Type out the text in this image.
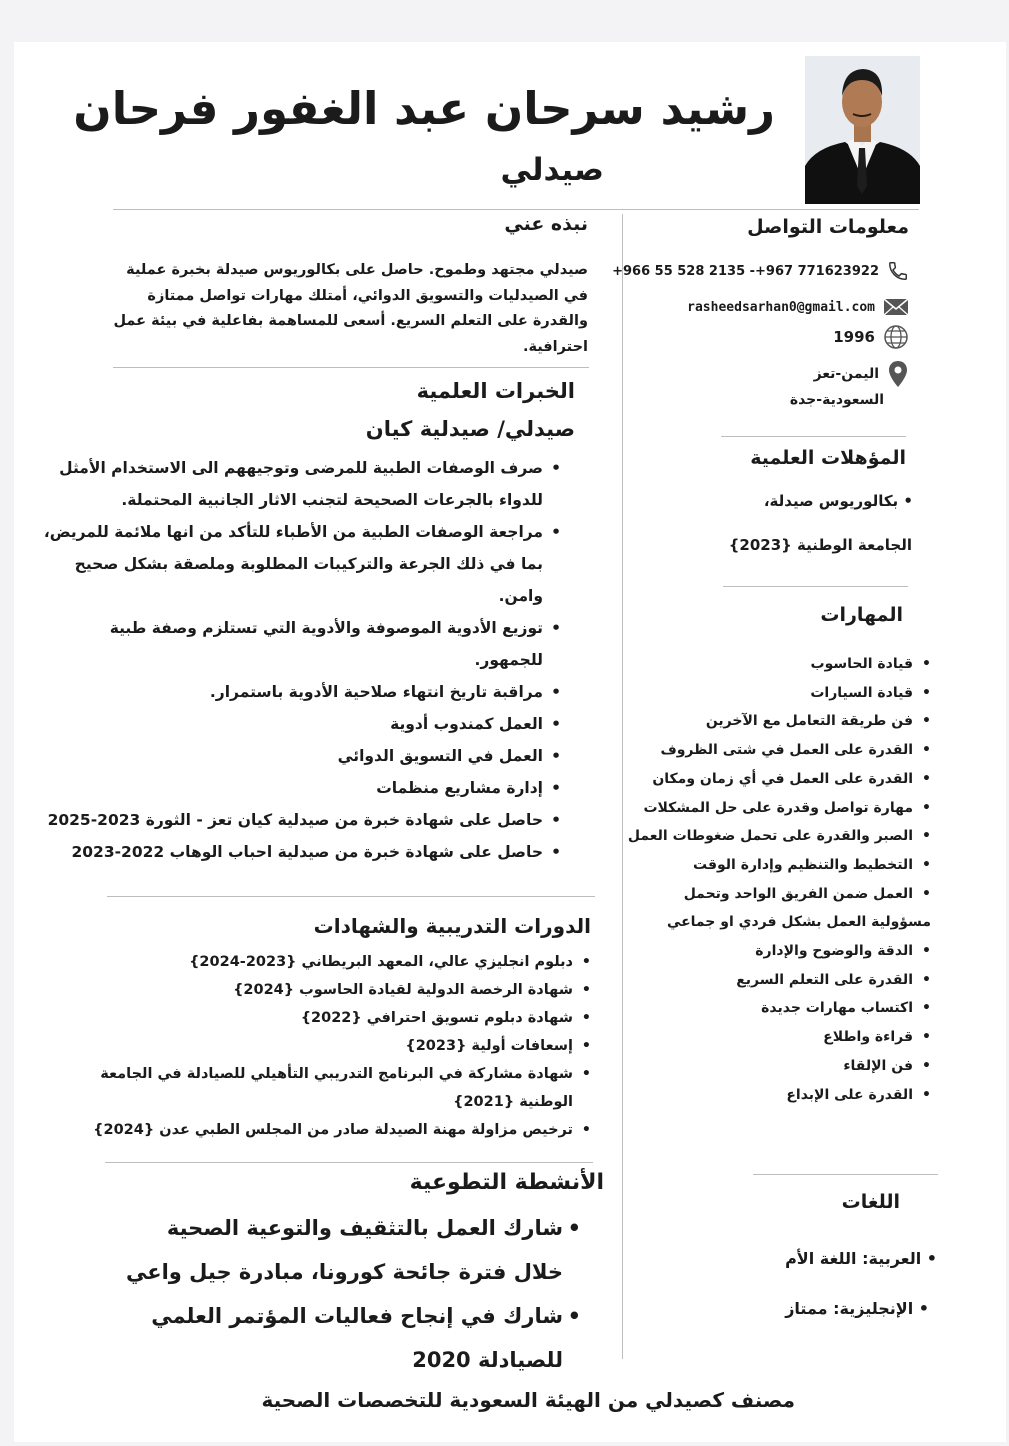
رشيد سرحان عبد الغفور فرحان
صيدلي
معلومات التواصل
+966 55 528 2135 -+967 771623922
rasheedsarhan0@gmail.com
1996
اليمن-تعز
السعودية-جدة
المؤهلات العلمية
• بكالوريوس صيدلة،
الجامعة الوطنية {2023}
المهارات
• قيادة الحاسوب
• قيادة السيارات
• فن طريقة التعامل مع الآخرين
• القدرة على العمل في شتى الظروف
• القدرة على العمل في أي زمان ومكان
• مهارة تواصل وقدرة على حل المشكلات
• الصبر والقدرة على تحمل ضغوطات العمل
• التخطيط والتنظيم وإدارة الوقت
• العمل ضمن الفريق الواحد وتحمل
مسؤولية العمل بشكل فردي او جماعي
• الدقة والوضوح والإدارة
• القدرة على التعلم السريع
• اكتساب مهارات جديدة
• قراءة واطلاع
• فن الإلقاء
• القدرة على الإبداع
اللغات
• العربية: اللغة الأم
• الإنجليزية: ممتاز
نبذه عني
صيدلي مجتهد وطموح. حاصل على بكالوريوس صيدلة بخبرة عملية في الصيدليات والتسويق الدوائي، أمتلك مهارات تواصل ممتازة والقدرة على التعلم السريع. أسعى للمساهمة بفاعلية في بيئة عمل احترافية.
الخبرات العلمية
صيدلي/ صيدلية كيان
• صرف الوصفات الطبية للمرضى وتوجيههم الى الاستخدام الأمثل للدواء بالجرعات الصحيحة لتجنب الاثار الجانبية المحتملة.
• مراجعة الوصفات الطبية من الأطباء للتأكد من انها ملائمة للمريض، بما في ذلك الجرعة والتركيبات المطلوبة وملصقة بشكل صحيح وامن.
• توزيع الأدوية الموصوفة والأدوية التي تستلزم وصفة طبية للجمهور.
• مراقبة تاريخ انتهاء صلاحية الأدوية باستمرار.
• العمل كمندوب أدوية
• العمل في التسويق الدوائي
• إدارة مشاريع منظمات
• حاصل على شهادة خبرة من صيدلية كيان تعز - الثورة 2023-2025
• حاصل على شهادة خبرة من صيدلية احباب الوهاب 2022-2023
الدورات التدريبية والشهادات
• دبلوم انجليزي عالي، المعهد البريطاني {2023-2024}
• شهادة الرخصة الدولية لقيادة الحاسوب {2024}
• شهادة دبلوم تسويق احترافي {2022}
• إسعافات أولية {2023}
• شهادة مشاركة في البرنامج التدريبي التأهيلي للصيادلة في الجامعة الوطنية {2021}
• ترخيص مزاولة مهنة الصيدلة صادر من المجلس الطبي عدن {2024}
الأنشطة التطوعية
• شارك العمل بالتثقيف والتوعية الصحية خلال فترة جائحة كورونا، مبادرة جيل واعي
• شارك في إنجاح فعاليات المؤتمر العلمي للصيادلة 2020
مصنف كصيدلي من الهيئة السعودية للتخصصات الصحية
